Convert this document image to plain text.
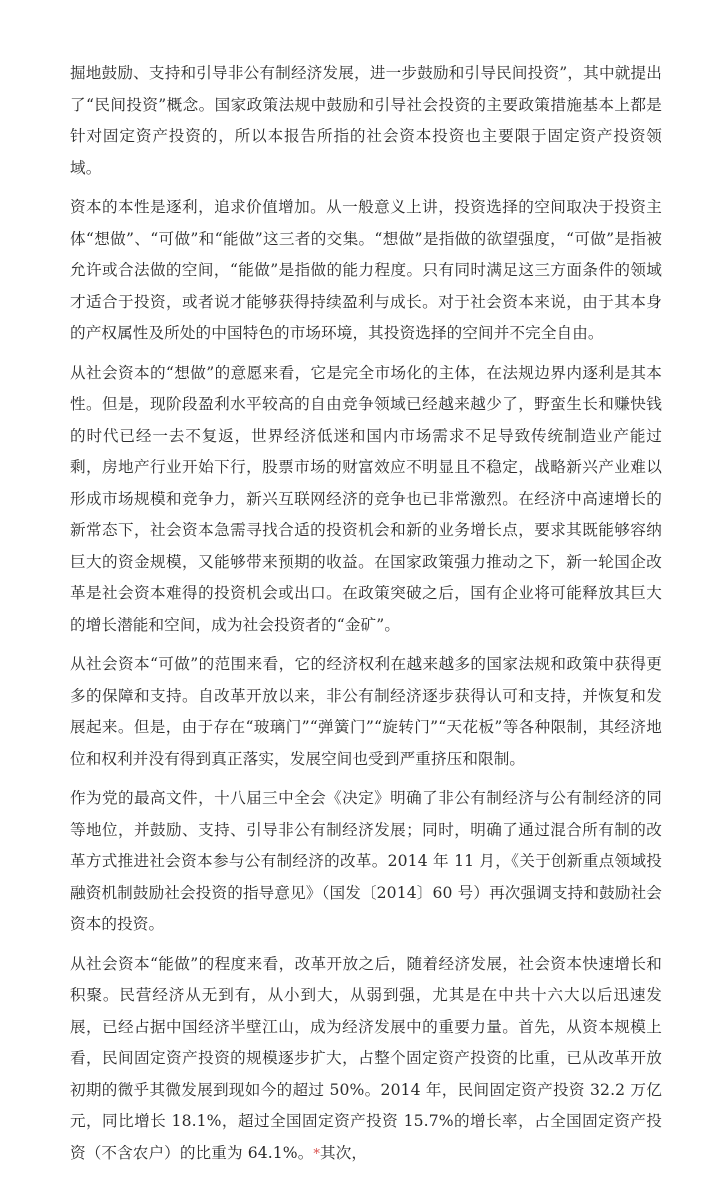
掘地鼓励、支持和引导非公有制经济发展，进一步鼓励和引导民间投资”，其中就提出了“民间投资”概念。国家政策法规中鼓励和引导社会投资的主要政策措施基本上都是针对固定资产投资的，所以本报告所指的社会资本投资也主要限于固定资产投资领域。

资本的本性是逐利，追求价值增加。从一般意义上讲，投资选择的空间取决于投资主体“想做”、“可做”和“能做”这三者的交集。“想做”是指做的欲望强度，“可做”是指被允许或合法做的空间，“能做”是指做的能力程度。只有同时满足这三方面条件的领域才适合于投资，或者说才能够获得持续盈利与成长。对于社会资本来说，由于其本身的产权属性及所处的中国特色的市场环境，其投资选择的空间并不完全自由。

从社会资本的“想做”的意愿来看，它是完全市场化的主体，在法规边界内逐利是其本性。但是，现阶段盈利水平较高的自由竞争领域已经越来越少了，野蛮生长和赚快钱的时代已经一去不复返，世界经济低迷和国内市场需求不足导致传统制造业产能过剩，房地产行业开始下行，股票市场的财富效应不明显且不稳定，战略新兴产业难以形成市场规模和竞争力，新兴互联网经济的竞争也已非常激烈。在经济中高速增长的新常态下，社会资本急需寻找合适的投资机会和新的业务增长点，要求其既能够容纳巨大的资金规模，又能够带来预期的收益。在国家政策强力推动之下，新一轮国企改革是社会资本难得的投资机会或出口。在政策突破之后，国有企业将可能释放其巨大的增长潜能和空间，成为社会投资者的“金矿”。

从社会资本“可做”的范围来看，它的经济权利在越来越多的国家法规和政策中获得更多的保障和支持。自改革开放以来，非公有制经济逐步获得认可和支持，并恢复和发展起来。但是，由于存在“玻璃门”“弹簧门”“旋转门”“天花板”等各种限制，其经济地位和权利并没有得到真正落实，发展空间也受到严重挤压和限制。

作为党的最高文件，十八届三中全会《决定》明确了非公有制经济与公有制经济的同等地位，并鼓励、支持、引导非公有制经济发展；同时，明确了通过混合所有制的改革方式推进社会资本参与公有制经济的改革。2014 年 11 月，《关于创新重点领域投融资机制鼓励社会投资的指导意见》（国发〔2014〕60 号）再次强调支持和鼓励社会资本的投资。

从社会资本“能做”的程度来看，改革开放之后，随着经济发展，社会资本快速增长和积聚。民营经济从无到有，从小到大，从弱到强，尤其是在中共十六大以后迅速发展，已经占据中国经济半壁江山，成为经济发展中的重要力量。首先，从资本规模上看，民间固定资产投资的规模逐步扩大，占整个固定资产投资的比重，已从改革开放初期的微乎其微发展到现如今的超过 50%。2014 年，民间固定资产投资 32.2 万亿元，同比增长 18.1%，超过全国固定资产投资 15.7%的增长率，占全国固定资产投资（不含农户）的比重为 64.1%。*其次，
